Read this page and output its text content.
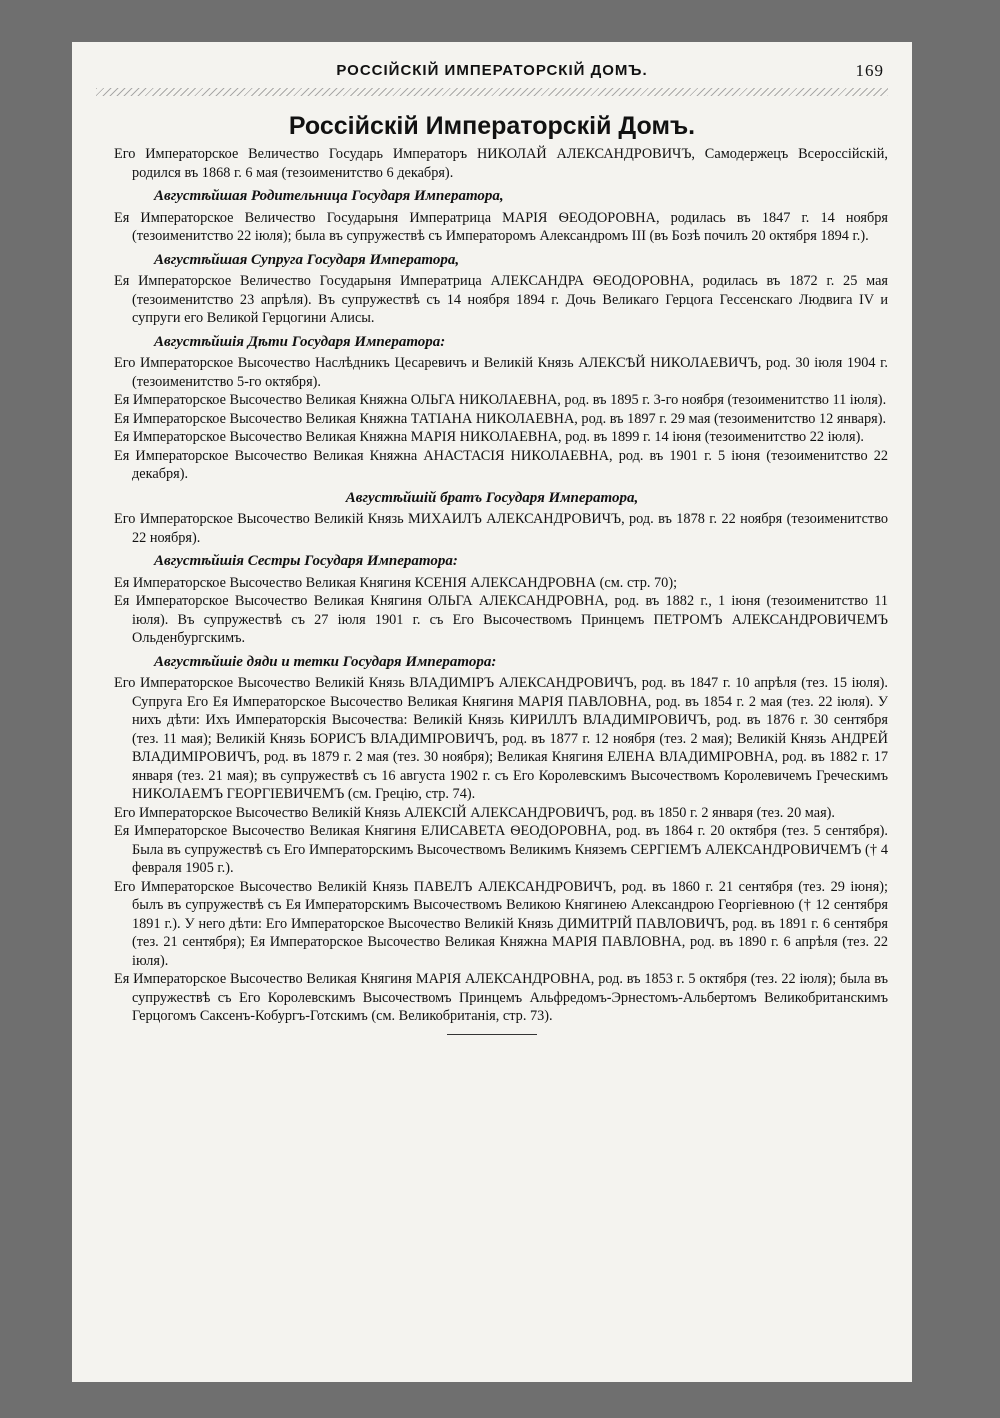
РОССІЙСКІЙ ИМПЕРАТОРСКІЙ ДОМЪ.	169
Россійскій Императорскій Домъ.

Его Императорское Величество Государь Императоръ НИКОЛАЙ АЛЕКСАНДРОВИЧЪ, Самодержецъ Всероссійскій, родился въ 1868 г. 6 мая (тезоименитство 6 декабря).

Августѣйшая Родительница Государя Императора,

Ея Императорское Величество Государыня Императрица МАРІЯ ѲЕОДОРОВНА, родилась въ 1847 г. 14 ноября (тезоименитство 22 іюля); была въ супружествѣ съ Императоромъ Александромъ III (въ Бозѣ почилъ 20 октября 1894 г.).

Августѣйшая Супруга Государя Императора,

Ея Императорское Величество Государыня Императрица АЛЕКСАНДРА ѲЕОДОРОВНА, родилась въ 1872 г. 25 мая (тезоименитство 23 апрѣля). Въ супружествѣ съ 14 ноября 1894 г. Дочь Великаго Герцога Гессенскаго Людвига IV и супруги его Великой Герцогини Алисы.

Августѣйшія Дѣти Государя Императора:

Его Императорское Высочество Наслѣдникъ Цесаревичъ и Великій Князь АЛЕКСѢЙ НИКОЛАЕВИЧЪ, род. 30 іюля 1904 г. (тезоименитство 5-го октября).

Ея Императорское Высочество Великая Княжна ОЛЬГА НИКОЛАЕВНА, род. въ 1895 г. 3-го ноября (тезоименитство 11 іюля).

Ея Императорское Высочество Великая Княжна ТАТІАНА НИКОЛАЕВНА, род. въ 1897 г. 29 мая (тезоименитство 12 января).

Ея Императорское Высочество Великая Княжна МАРІЯ НИКОЛАЕВНА, род. въ 1899 г. 14 іюня (тезоименитство 22 іюля).

Ея Императорское Высочество Великая Княжна АНАСТАСІЯ НИКОЛАЕВНА, род. въ 1901 г. 5 іюня (тезоименитство 22 декабря).

Августѣйшій братъ Государя Императора,

Его Императорское Высочество Великій Князь МИХАИЛЪ АЛЕКСАНДРОВИЧЪ, род. въ 1878 г. 22 ноября (тезоименитство 22 ноября).

Августѣйшія Сестры Государя Императора:

Ея Императорское Высочество Великая Княгиня КСЕНІЯ АЛЕКСАНДРОВНА (см. стр. 70);

Ея Императорское Высочество Великая Княгиня ОЛЬГА АЛЕКСАНДРОВНА, род. въ 1882 г., 1 іюня (тезоименитство 11 іюля). Въ супружествѣ съ 27 іюля 1901 г. съ Его Высочествомъ Принцемъ ПЕТРОМЪ АЛЕКСАНДРОВИЧЕМЪ Ольденбургскимъ.

Августѣйшіе дяди и тетки Государя Императора:

Его Императорское Высочество Великій Князь ВЛАДИМІРЪ АЛЕКСАНДРОВИЧЪ, род. въ 1847 г. 10 апрѣля (тез. 15 іюля). Супруга Его Ея Императорское Высочество Великая Княгиня МАРІЯ ПАВЛОВНА, род. въ 1854 г. 2 мая (тез. 22 іюля). У нихъ дѣти: Ихъ Императорскія Высочества: Великій Князь КИРИЛЛЪ ВЛАДИМІРОВИЧЪ, род. въ 1876 г. 30 сентября (тез. 11 мая); Великій Князь БОРИСЪ ВЛАДИМІРОВИЧЪ, род. въ 1877 г. 12 ноября (тез. 2 мая); Великій Князь АНДРЕЙ ВЛАДИМІРОВИЧЪ, род. въ 1879 г. 2 мая (тез. 30 ноября); Великая Княгиня ЕЛЕНА ВЛАДИМІРОВНА, род. въ 1882 г. 17 января (тез. 21 мая); въ супружествѣ съ 16 августа 1902 г. съ Его Королевскимъ Высочествомъ Королевичемъ Греческимъ НИКОЛАЕМЪ ГЕОРГІЕВИЧЕМЪ (см. Грецію, стр. 74).

Его Императорское Высочество Великій Князь АЛЕКСІЙ АЛЕКСАНДРОВИЧЪ, род. въ 1850 г. 2 января (тез. 20 мая).

Ея Императорское Высочество Великая Княгиня ЕЛИСАВЕТА ѲЕОДОРОВНА, род. въ 1864 г. 20 октября (тез. 5 сентября). Была въ супружествѣ съ Его Императорскимъ Высочествомъ Великимъ Княземъ СЕРГІЕМЪ АЛЕКСАНДРОВИЧЕМЪ († 4 февраля 1905 г.).

Его Императорское Высочество Великій Князь ПАВЕЛЪ АЛЕКСАНДРОВИЧЪ, род. въ 1860 г. 21 сентября (тез. 29 іюня); былъ въ супружествѣ съ Ея Императорскимъ Высочествомъ Великою Княгинею Александрою Георгіевною († 12 сентября 1891 г.). У него дѣти: Его Императорское Высочество Великій Князь ДИМИТРІЙ ПАВЛОВИЧЪ, род. въ 1891 г. 6 сентября (тез. 21 сентября); Ея Императорское Высочество Великая Княжна МАРІЯ ПАВЛОВНА, род. въ 1890 г. 6 апрѣля (тез. 22 іюля).

Ея Императорское Высочество Великая Княгиня МАРІЯ АЛЕКСАНДРОВНА, род. въ 1853 г. 5 октября (тез. 22 іюля); была въ супружествѣ съ Его Королевскимъ Высочествомъ Принцемъ Альфредомъ-Эрнестомъ-Альбертомъ Великобританскимъ Герцогомъ Саксенъ-Кобургъ-Готскимъ (см. Великобританія, стр. 73).
